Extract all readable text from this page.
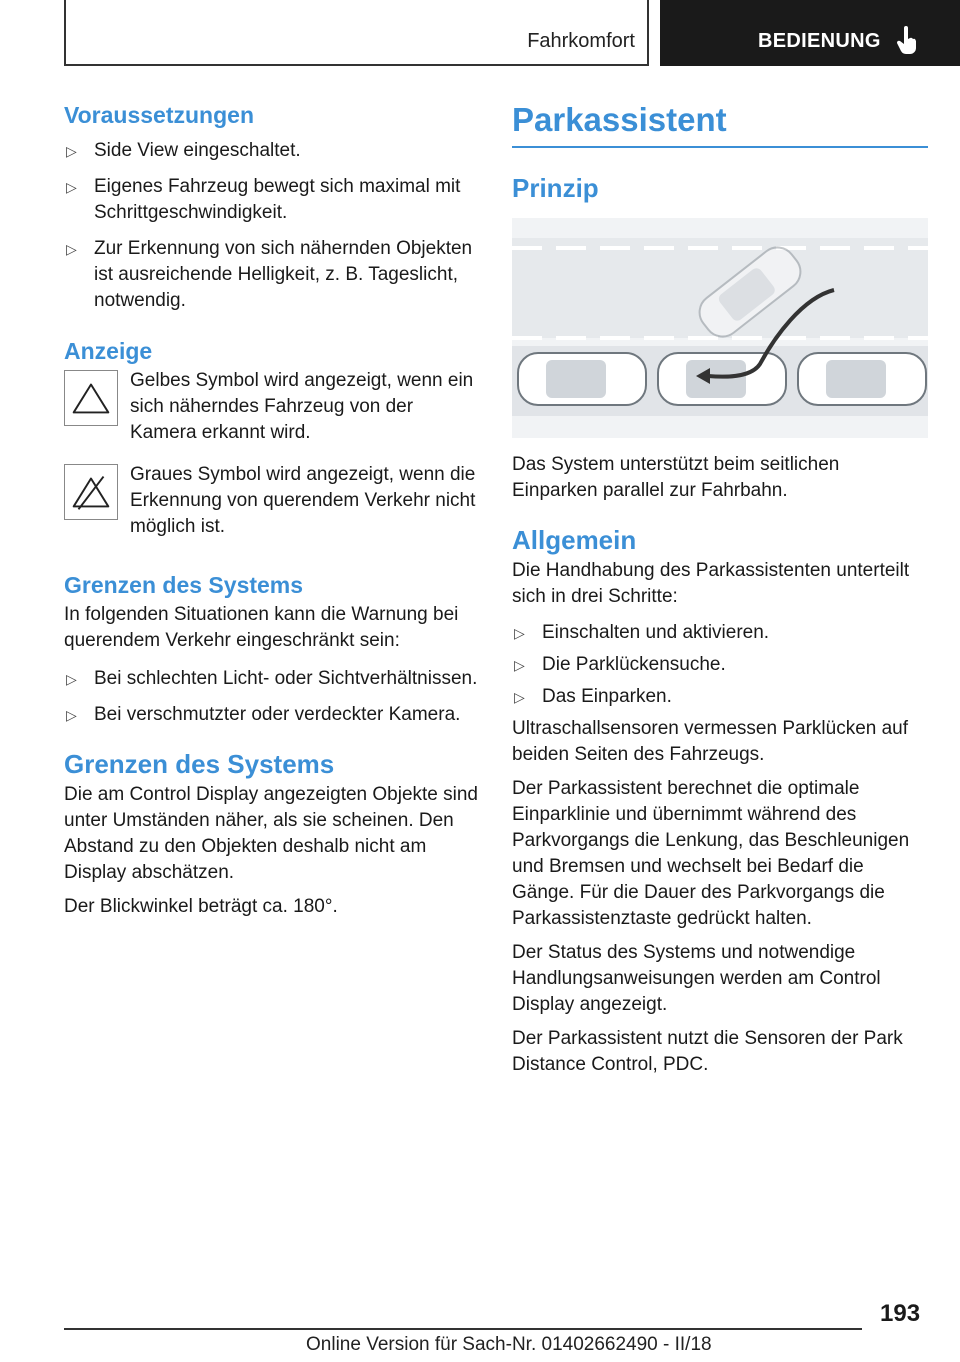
Fahrkomfort	BEDIENUNG
Voraussetzungen
▷ Side View eingeschaltet.
▷ Eigenes Fahrzeug bewegt sich maximal mit Schrittgeschwindigkeit.
▷ Zur Erkennung von sich nähernden Objekten ist ausreichende Helligkeit, z. B. Tageslicht, notwendig.
Anzeige
Gelbes Symbol wird angezeigt, wenn ein sich näherndes Fahrzeug von der Kamera erkannt wird.
Graues Symbol wird angezeigt, wenn die Erkennung von querendem Verkehr nicht möglich ist.
Grenzen des Systems

In folgenden Situationen kann die Warnung bei querendem Verkehr eingeschränkt sein:

▷ Bei schlechten Licht- oder Sichtverhältnissen.
▷ Bei verschmutzter oder verdeckter Kamera.
Grenzen des Systems

Die am Control Display angezeigten Objekte sind unter Umständen näher, als sie scheinen. Den Abstand zu den Objekten deshalb nicht am Display abschätzen.

Der Blickwinkel beträgt ca. 180°.

Parkassistent
Prinzip

Das System unterstützt beim seitlichen Einparken parallel zur Fahrbahn.

Allgemein

Die Handhabung des Parkassistenten unterteilt sich in drei Schritte:

▷ Einschalten und aktivieren.
▷ Die Parklückensuche.
▷ Das Einparken.

Ultraschallsensoren vermessen Parklücken auf beiden Seiten des Fahrzeugs.

Der Parkassistent berechnet die optimale Einparklinie und übernimmt während des Parkvorgangs die Lenkung, das Beschleunigen und Bremsen und wechselt bei Bedarf die Gänge. Für die Dauer des Parkvorgangs die Parkassistenztaste gedrückt halten.

Der Status des Systems und notwendige Handlungsanweisungen werden am Control Display angezeigt.

Der Parkassistent nutzt die Sensoren der Park Distance Control, PDC.

193
Online Version für Sach-Nr. 01402662490 - II/18
